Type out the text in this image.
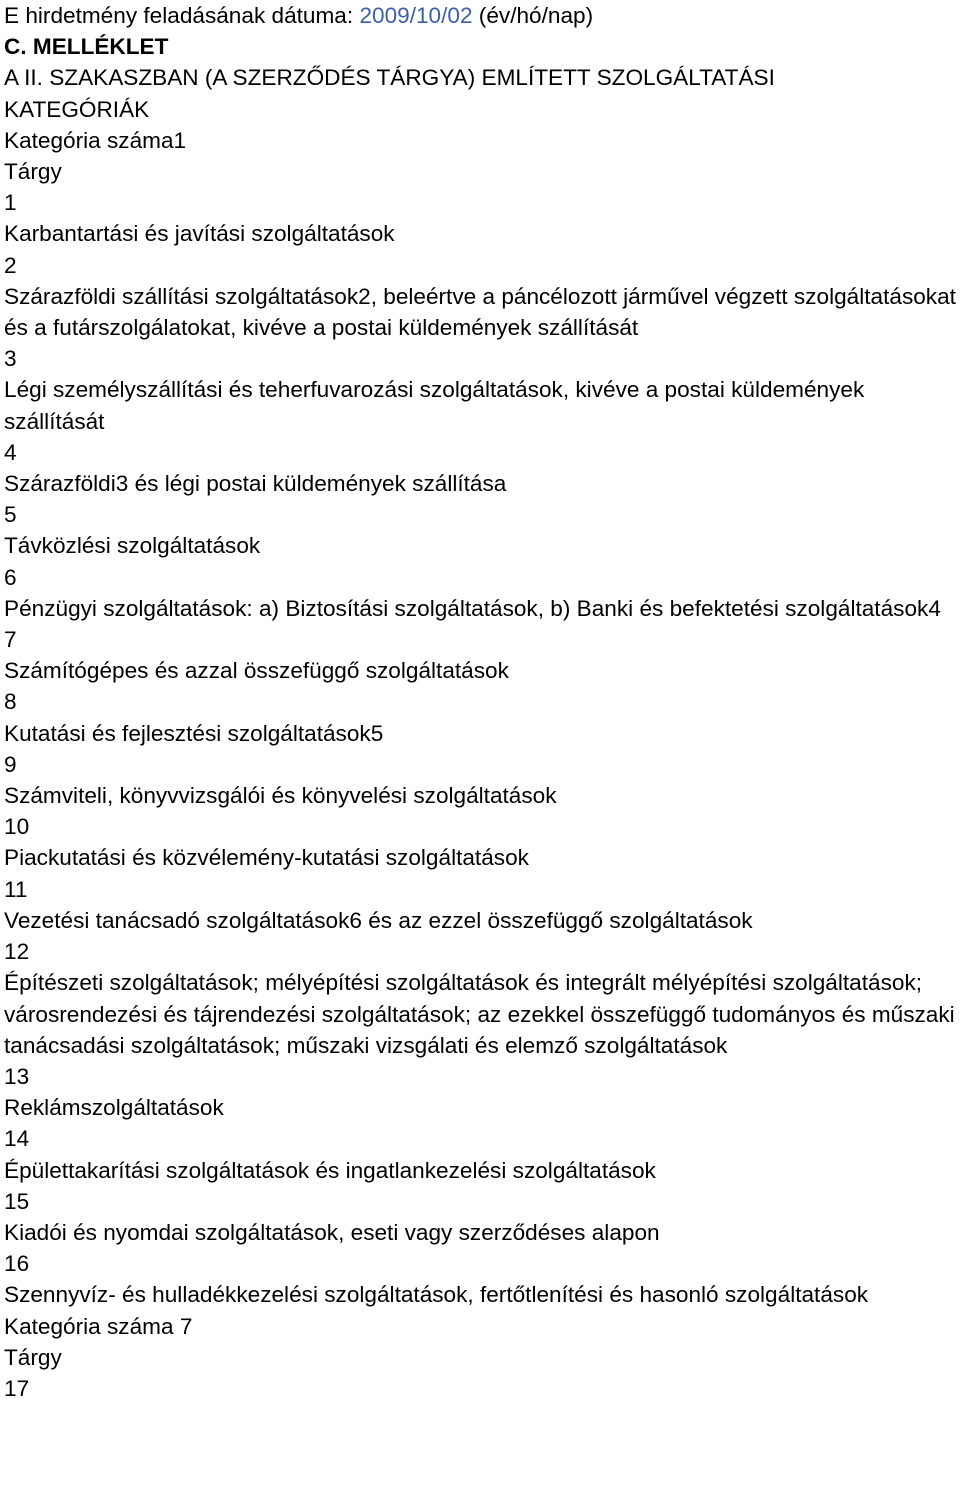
E hirdetmény feladásának dátuma: 2009/10/02 (év/hó/nap)
C. MELLÉKLET
A II. SZAKASZBAN (A SZERZŐDÉS TÁRGYA) EMLÍTETT SZOLGÁLTATÁSI
KATEGÓRIÁK
Kategória száma1
Tárgy
1
Karbantartási és javítási szolgáltatások
2
Szárazföldi szállítási szolgáltatások2, beleértve a páncélozott járművel végzett szolgáltatásokat és a futárszolgálatokat, kivéve a postai küldemények szállítását
3
Légi személyszállítási és teherfuvarozási szolgáltatások, kivéve a postai küldemények szállítását
4
Szárazföldi3 és légi postai küldemények szállítása
5
Távközlési szolgáltatások
6
Pénzügyi szolgáltatások: a) Biztosítási szolgáltatások, b) Banki és befektetési szolgáltatások4
7
Számítógépes és azzal összefüggő szolgáltatások
8
Kutatási és fejlesztési szolgáltatások5
9
Számviteli, könyvvizsgálói és könyvelési szolgáltatások
10
Piackutatási és közvélemény-kutatási szolgáltatások
11
Vezetési tanácsadó szolgáltatások6 és az ezzel összefüggő szolgáltatások
12
Építészeti szolgáltatások; mélyépítési szolgáltatások és integrált mélyépítési szolgáltatások; városrendezési és tájrendezési szolgáltatások; az ezekkel összefüggő tudományos és műszaki tanácsadási szolgáltatások; műszaki vizsgálati és elemző szolgáltatások
13
Reklámszolgáltatások
14
Épülettakarítási szolgáltatások és ingatlankezelési szolgáltatások
15
Kiadói és nyomdai szolgáltatások, eseti vagy szerződéses alapon
16
Szennyvíz- és hulladékkezelési szolgáltatások, fertőtlenítési és hasonló szolgáltatások
Kategória száma 7
Tárgy
17
